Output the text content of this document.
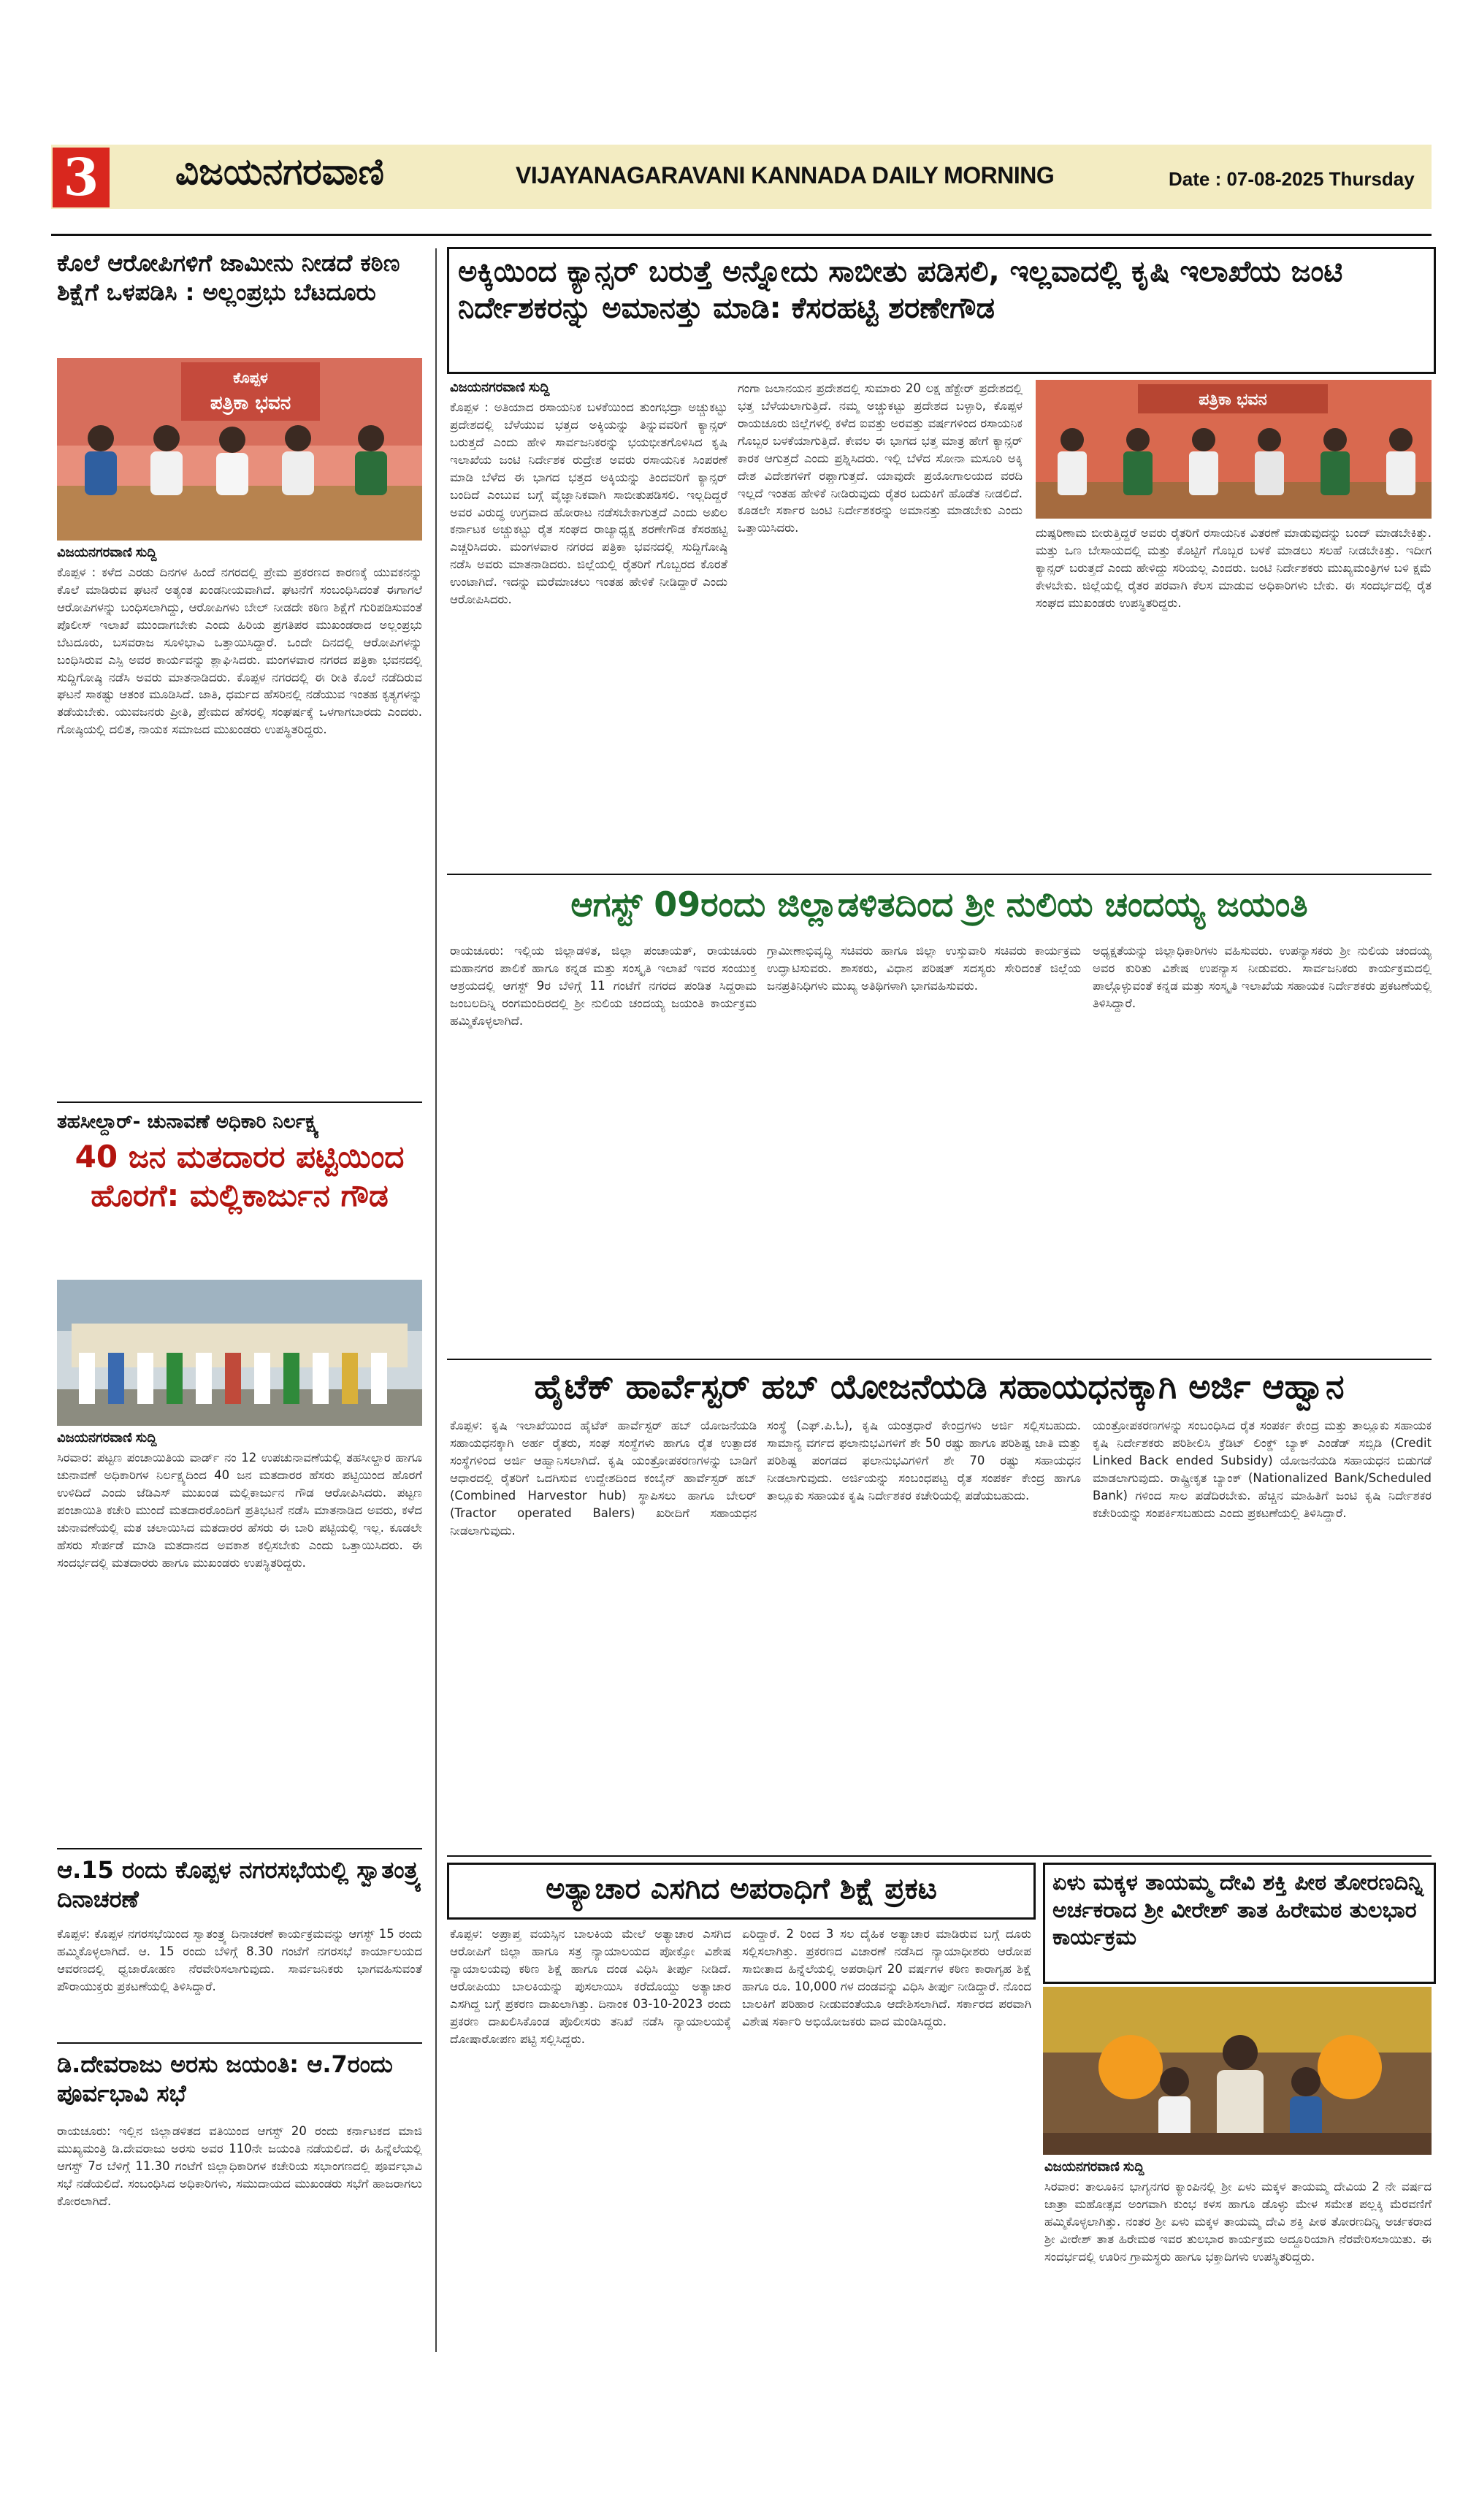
3 ವಿಜಯನಗರವಾಣಿ	VIJAYANAGARAVANI KANNADA DAILY MORNING	Date : 07-08-2025 Thursday
ಕೊಲೆ ಆರೋಪಿಗಳಿಗೆ ಜಾಮೀನು ನೀಡದೆ ಕಠಿಣ ಶಿಕ್ಷೆಗೆ ಒಳಪಡಿಸಿ : ಅಲ್ಲಂಪ್ರಭು ಬೆಟದೂರು
ಕೊಪ್ಪಳ
ಪತ್ರಿಕಾ ಭವನ
ವಿಜಯನಗರವಾಣಿ ಸುದ್ದಿ
ಕೊಪ್ಪಳ : ಕಳೆದ ಎರಡು ದಿನಗಳ ಹಿಂದೆ ನಗರದಲ್ಲಿ ಪ್ರೇಮ ಪ್ರಕರಣದ ಕಾರಣಕ್ಕೆ ಯುವಕನನ್ನು ಕೊಲೆ ಮಾಡಿರುವ ಘಟನೆ ಅತ್ಯಂತ ಖಂಡನೀಯವಾಗಿದೆ. ಘಟನೆಗೆ ಸಂಬಂಧಿಸಿದಂತೆ ಈಗಾಗಲೆ ಆರೋಪಿಗಳನ್ನು ಬಂಧಿಸಲಾಗಿದ್ದು, ಆರೋಪಿಗಳು ಬೇಲ್ ನೀಡದೇ ಕಠಿಣ ಶಿಕ್ಷೆಗೆ ಗುರಿಪಡಿಸುವಂತೆ ಪೊಲೀಸ್ ಇಲಾಖೆ ಮುಂದಾಗಬೇಕು ಎಂದು ಹಿರಿಯ ಪ್ರಗತಿಪರ ಮುಖಂಡರಾದ ಅಲ್ಲಂಪ್ರಭು ಬೆಟದೂರು, ಬಸವರಾಜ ಸೂಳಿಭಾವಿ ಒತ್ತಾಯಿಸಿದ್ದಾರೆ. ಒಂದೇ ದಿನದಲ್ಲಿ ಆರೋಪಿಗಳನ್ನು ಬಂಧಿಸಿರುವ ಎಸ್ಪಿ ಅವರ ಕಾರ್ಯವನ್ನು ಶ್ಲಾಘಿಸಿದರು. ಮಂಗಳವಾರ ನಗರದ ಪತ್ರಿಕಾ ಭವನದಲ್ಲಿ ಸುದ್ದಿಗೋಷ್ಠಿ ನಡೆಸಿ ಅವರು ಮಾತನಾಡಿದರು. ಕೊಪ್ಪಳ ನಗರದಲ್ಲಿ ಈ ರೀತಿ ಕೊಲೆ ನಡೆದಿರುವ ಘಟನೆ ಸಾಕಷ್ಟು ಆತಂಕ ಮೂಡಿಸಿದೆ. ಜಾತಿ, ಧರ್ಮದ ಹೆಸರಿನಲ್ಲಿ ನಡೆಯುವ ಇಂತಹ ಕೃತ್ಯಗಳನ್ನು ತಡೆಯಬೇಕು. ಯುವಜನರು ಪ್ರೀತಿ, ಪ್ರೇಮದ ಹೆಸರಲ್ಲಿ ಸಂಘರ್ಷಕ್ಕೆ ಒಳಗಾಗಬಾರದು ಎಂದರು. ಗೋಷ್ಠಿಯಲ್ಲಿ ದಲಿತ, ನಾಯಕ ಸಮಾಜದ ಮುಖಂಡರು ಉಪಸ್ಥಿತರಿದ್ದರು.
ತಹಸೀಲ್ದಾರ್- ಚುನಾವಣೆ ಅಧಿಕಾರಿ ನಿರ್ಲಕ್ಷ್ಯ
40 ಜನ ಮತದಾರರ ಪಟ್ಟಿಯಿಂದ ಹೊರಗೆ: ಮಲ್ಲಿಕಾರ್ಜುನ ಗೌಡ
ವಿಜಯನಗರವಾಣಿ ಸುದ್ದಿ
ಸಿರವಾರ: ಪಟ್ಟಣ ಪಂಚಾಯಿತಿಯ ವಾರ್ಡ್ ನಂ 12 ಉಪಚುನಾವಣೆಯಲ್ಲಿ ತಹಸೀಲ್ದಾರ ಹಾಗೂ ಚುನಾವಣೆ ಅಧಿಕಾರಿಗಳ ನಿರ್ಲಕ್ಷ್ಯದಿಂದ 40 ಜನ ಮತದಾರರ ಹೆಸರು ಪಟ್ಟಿಯಿಂದ ಹೊರಗೆ ಉಳಿದಿದೆ ಎಂದು ಜೆಡಿಎಸ್ ಮುಖಂಡ ಮಲ್ಲಿಕಾರ್ಜುನ ಗೌಡ ಆರೋಪಿಸಿದರು. ಪಟ್ಟಣ ಪಂಚಾಯಿತಿ ಕಚೇರಿ ಮುಂದೆ ಮತದಾರರೊಂದಿಗೆ ಪ್ರತಿಭಟನೆ ನಡೆಸಿ ಮಾತನಾಡಿದ ಅವರು, ಕಳೆದ ಚುನಾವಣೆಯಲ್ಲಿ ಮತ ಚಲಾಯಿಸಿದ ಮತದಾರರ ಹೆಸರು ಈ ಬಾರಿ ಪಟ್ಟಿಯಲ್ಲಿ ಇಲ್ಲ. ಕೂಡಲೇ ಹೆಸರು ಸೇರ್ಪಡೆ ಮಾಡಿ ಮತದಾನದ ಅವಕಾಶ ಕಲ್ಪಿಸಬೇಕು ಎಂದು ಒತ್ತಾಯಿಸಿದರು. ಈ ಸಂದರ್ಭದಲ್ಲಿ ಮತದಾರರು ಹಾಗೂ ಮುಖಂಡರು ಉಪಸ್ಥಿತರಿದ್ದರು.
ಆ.15 ರಂದು ಕೊಪ್ಪಳ ನಗರಸಭೆಯಲ್ಲಿ ಸ್ವಾತಂತ್ರ್ಯ ದಿನಾಚರಣೆ
ಕೊಪ್ಪಳ: ಕೊಪ್ಪಳ ನಗರಸಭೆಯಿಂದ ಸ್ವಾತಂತ್ರ್ಯ ದಿನಾಚರಣೆ ಕಾರ್ಯಕ್ರಮವನ್ನು ಆಗಸ್ಟ್ 15 ರಂದು ಹಮ್ಮಿಕೊಳ್ಳಲಾಗಿದೆ. ಆ. 15 ರಂದು ಬೆಳಿಗ್ಗೆ 8.30 ಗಂಟೆಗೆ ನಗರಸಭೆ ಕಾರ್ಯಾಲಯದ ಆವರಣದಲ್ಲಿ ಧ್ವಜಾರೋಹಣ ನೆರವೇರಿಸಲಾಗುವುದು. ಸಾರ್ವಜನಿಕರು ಭಾಗವಹಿಸುವಂತೆ ಪೌರಾಯುಕ್ತರು ಪ್ರಕಟಣೆಯಲ್ಲಿ ತಿಳಿಸಿದ್ದಾರೆ.
ಡಿ.ದೇವರಾಜು ಅರಸು ಜಯಂತಿ: ಆ.7ರಂದು ಪೂರ್ವಭಾವಿ ಸಭೆ
ರಾಯಚೂರು: ಇಲ್ಲಿನ ಜಿಲ್ಲಾಡಳಿತದ ವತಿಯಿಂದ ಆಗಸ್ಟ್ 20 ರಂದು ಕರ್ನಾಟಕದ ಮಾಜಿ ಮುಖ್ಯಮಂತ್ರಿ ಡಿ.ದೇವರಾಜು ಅರಸು ಅವರ 110ನೇ ಜಯಂತಿ ನಡೆಯಲಿದೆ. ಈ ಹಿನ್ನೆಲೆಯಲ್ಲಿ ಆಗಸ್ಟ್ 7ರ ಬೆಳಿಗ್ಗೆ 11.30 ಗಂಟೆಗೆ ಜಿಲ್ಲಾಧಿಕಾರಿಗಳ ಕಚೇರಿಯ ಸಭಾಂಗಣದಲ್ಲಿ ಪೂರ್ವಭಾವಿ ಸಭೆ ನಡೆಯಲಿದೆ. ಸಂಬಂಧಿಸಿದ ಅಧಿಕಾರಿಗಳು, ಸಮುದಾಯದ ಮುಖಂಡರು ಸಭೆಗೆ ಹಾಜರಾಗಲು ಕೋರಲಾಗಿದೆ.
ಅಕ್ಕಿಯಿಂದ ಕ್ಯಾನ್ಸರ್ ಬರುತ್ತೆ ಅನ್ನೋದು ಸಾಬೀತು ಪಡಿಸಲಿ, ಇಲ್ಲವಾದಲ್ಲಿ ಕೃಷಿ ಇಲಾಖೆಯ ಜಂಟಿ ನಿರ್ದೇಶಕರನ್ನು ಅಮಾನತ್ತು ಮಾಡಿ: ಕೆಸರಹಟ್ಟಿ ಶರಣೇಗೌಡ
ವಿಜಯನಗರವಾಣಿ ಸುದ್ದಿ
ಕೊಪ್ಪಳ : ಅತಿಯಾದ ರಸಾಯನಿಕ ಬಳಕೆಯಿಂದ ತುಂಗಭದ್ರಾ ಅಚ್ಚುಕಟ್ಟು ಪ್ರದೇಶದಲ್ಲಿ ಬೆಳೆಯುವ ಭತ್ತದ ಅಕ್ಕಿಯನ್ನು ತಿನ್ನುವವರಿಗೆ ಕ್ಯಾನ್ಸರ್ ಬರುತ್ತದೆ ಎಂದು ಹೇಳಿ ಸಾರ್ವಜನಿಕರನ್ನು ಭಯಭೀತಗೊಳಿಸಿದ ಕೃಷಿ ಇಲಾಖೆಯ ಜಂಟಿ ನಿರ್ದೇಶಕ ರುದ್ರೇಶ ಅವರು ರಸಾಯನಿಕ ಸಿಂಪರಣೆ ಮಾಡಿ ಬೆಳೆದ ಈ ಭಾಗದ ಭತ್ತದ ಅಕ್ಕಿಯನ್ನು ತಿಂದವರಿಗೆ ಕ್ಯಾನ್ಸರ್ ಬಂದಿದೆ ಎಂಬುವ ಬಗ್ಗೆ ವೈಜ್ಞಾನಿಕವಾಗಿ ಸಾಬೀತುಪಡಿಸಲಿ. ಇಲ್ಲದಿದ್ದರೆ ಅವರ ವಿರುದ್ಧ ಉಗ್ರವಾದ ಹೋರಾಟ ನಡೆಸಬೇಕಾಗುತ್ತದೆ ಎಂದು ಅಖಿಲ ಕರ್ನಾಟಕ ಅಚ್ಚುಕಟ್ಟು ರೈತ ಸಂಘದ ರಾಜ್ಯಾಧ್ಯಕ್ಷ ಶರಣೇಗೌಡ ಕೆಸರಹಟ್ಟಿ ಎಚ್ಚರಿಸಿದರು. ಮಂಗಳವಾರ ನಗರದ ಪತ್ರಿಕಾ ಭವನದಲ್ಲಿ ಸುದ್ದಿಗೋಷ್ಠಿ ನಡೆಸಿ ಅವರು ಮಾತನಾಡಿದರು. ಜಿಲ್ಲೆಯಲ್ಲಿ ರೈತರಿಗೆ ಗೊಬ್ಬರದ ಕೊರತೆ ಉಂಟಾಗಿದೆ. ಇದನ್ನು ಮರೆಮಾಚಲು ಇಂತಹ ಹೇಳಿಕೆ ನೀಡಿದ್ದಾರೆ ಎಂದು ಆರೋಪಿಸಿದರು.
ಗಂಗಾ ಜಲಾನಯನ ಪ್ರದೇಶದಲ್ಲಿ ಸುಮಾರು 20 ಲಕ್ಷ ಹೆಕ್ಟೇರ್ ಪ್ರದೇಶದಲ್ಲಿ ಭತ್ತ ಬೆಳೆಯಲಾಗುತ್ತಿದೆ. ನಮ್ಮ ಅಚ್ಚುಕಟ್ಟು ಪ್ರದೇಶದ ಬಳ್ಳಾರಿ, ಕೊಪ್ಪಳ ರಾಯಚೂರು ಜಿಲ್ಲೆಗಳಲ್ಲಿ ಕಳೆದ ಐವತ್ತು ಅರವತ್ತು ವರ್ಷಗಳಿಂದ ರಸಾಯನಿಕ ಗೊಬ್ಬರ ಬಳಕೆಯಾಗುತ್ತಿದೆ. ಕೇವಲ ಈ ಭಾಗದ ಭತ್ತ ಮಾತ್ರ ಹೇಗೆ ಕ್ಯಾನ್ಸರ್ ಕಾರಕ ಆಗುತ್ತದೆ ಎಂದು ಪ್ರಶ್ನಿಸಿದರು. ಇಲ್ಲಿ ಬೆಳೆದ ಸೋನಾ ಮಸೂರಿ ಅಕ್ಕಿ ದೇಶ ವಿದೇಶಗಳಿಗೆ ರಫ್ತಾಗುತ್ತದೆ. ಯಾವುದೇ ಪ್ರಯೋಗಾಲಯದ ವರದಿ ಇಲ್ಲದೆ ಇಂತಹ ಹೇಳಿಕೆ ನೀಡಿರುವುದು ರೈತರ ಬದುಕಿಗೆ ಹೊಡೆತ ನೀಡಲಿದೆ. ಕೂಡಲೇ ಸರ್ಕಾರ ಜಂಟಿ ನಿರ್ದೇಶಕರನ್ನು ಅಮಾನತ್ತು ಮಾಡಬೇಕು ಎಂದು ಒತ್ತಾಯಿಸಿದರು.
ಪತ್ರಿಕಾ ಭವನ
ದುಷ್ಪರಿಣಾಮ ಬೀರುತ್ತಿದ್ದರೆ ಅವರು ರೈತರಿಗೆ ರಸಾಯನಿಕ ವಿತರಣೆ ಮಾಡುವುದನ್ನು ಬಂದ್ ಮಾಡಬೇಕಿತ್ತು. ಮತ್ತು ಒಣ ಬೇಸಾಯದಲ್ಲಿ ಮತ್ತು ಕೊಟ್ಟಿಗೆ ಗೊಬ್ಬರ ಬಳಕೆ ಮಾಡಲು ಸಲಹೆ ನೀಡಬೇಕಿತ್ತು. ಇದೀಗ ಕ್ಯಾನ್ಸರ್ ಬರುತ್ತದೆ ಎಂದು ಹೇಳಿದ್ದು ಸರಿಯಲ್ಲ ಎಂದರು. ಜಂಟಿ ನಿರ್ದೇಶಕರು ಮುಖ್ಯಮಂತ್ರಿಗಳ ಬಳಿ ಕ್ಷಮೆ ಕೇಳಬೇಕು. ಜಿಲ್ಲೆಯಲ್ಲಿ ರೈತರ ಪರವಾಗಿ ಕೆಲಸ ಮಾಡುವ ಅಧಿಕಾರಿಗಳು ಬೇಕು. ಈ ಸಂದರ್ಭದಲ್ಲಿ ರೈತ ಸಂಘದ ಮುಖಂಡರು ಉಪಸ್ಥಿತರಿದ್ದರು.
ಆಗಸ್ಟ್ 09ರಂದು ಜಿಲ್ಲಾಡಳಿತದಿಂದ ಶ್ರೀ ನುಲಿಯ ಚಂದಯ್ಯ ಜಯಂತಿ
ರಾಯಚೂರು: ಇಲ್ಲಿಯ ಜಿಲ್ಲಾಡಳಿತ, ಜಿಲ್ಲಾ ಪಂಚಾಯತ್, ರಾಯಚೂರು ಮಹಾನಗರ ಪಾಲಿಕೆ ಹಾಗೂ ಕನ್ನಡ ಮತ್ತು ಸಂಸ್ಕೃತಿ ಇಲಾಖೆ ಇವರ ಸಂಯುಕ್ತ ಆಶ್ರಯದಲ್ಲಿ ಆಗಸ್ಟ್ 9ರ ಬೆಳಿಗ್ಗೆ 11 ಗಂಟೆಗೆ ನಗರದ ಪಂಡಿತ ಸಿದ್ದರಾಮ ಜಂಬಲದಿನ್ನಿ ರಂಗಮಂದಿರದಲ್ಲಿ ಶ್ರೀ ನುಲಿಯ ಚಂದಯ್ಯ ಜಯಂತಿ ಕಾರ್ಯಕ್ರಮ ಹಮ್ಮಿಕೊಳ್ಳಲಾಗಿದೆ.
ಗ್ರಾಮೀಣಾಭಿವೃದ್ಧಿ ಸಚಿವರು ಹಾಗೂ ಜಿಲ್ಲಾ ಉಸ್ತುವಾರಿ ಸಚಿವರು ಕಾರ್ಯಕ್ರಮ ಉದ್ಘಾಟಿಸುವರು. ಶಾಸಕರು, ವಿಧಾನ ಪರಿಷತ್ ಸದಸ್ಯರು ಸೇರಿದಂತೆ ಜಿಲ್ಲೆಯ ಜನಪ್ರತಿನಿಧಿಗಳು ಮುಖ್ಯ ಅತಿಥಿಗಳಾಗಿ ಭಾಗವಹಿಸುವರು.
ಅಧ್ಯಕ್ಷತೆಯನ್ನು ಜಿಲ್ಲಾಧಿಕಾರಿಗಳು ವಹಿಸುವರು. ಉಪನ್ಯಾಸಕರು ಶ್ರೀ ನುಲಿಯ ಚಂದಯ್ಯ ಅವರ ಕುರಿತು ವಿಶೇಷ ಉಪನ್ಯಾಸ ನೀಡುವರು. ಸಾರ್ವಜನಿಕರು ಕಾರ್ಯಕ್ರಮದಲ್ಲಿ ಪಾಲ್ಗೊಳ್ಳುವಂತೆ ಕನ್ನಡ ಮತ್ತು ಸಂಸ್ಕೃತಿ ಇಲಾಖೆಯ ಸಹಾಯಕ ನಿರ್ದೇಶಕರು ಪ್ರಕಟಣೆಯಲ್ಲಿ ತಿಳಿಸಿದ್ದಾರೆ.
ಹೈಟೆಕ್ ಹಾರ್ವೆಸ್ಟರ್ ಹಬ್ ಯೋಜನೆಯಡಿ ಸಹಾಯಧನಕ್ಕಾಗಿ ಅರ್ಜಿ ಆಹ್ವಾನ
ಕೊಪ್ಪಳ: ಕೃಷಿ ಇಲಾಖೆಯಿಂದ ಹೈಟೆಕ್ ಹಾರ್ವೆಸ್ಟರ್ ಹಬ್ ಯೋಜನೆಯಡಿ ಸಹಾಯಧನಕ್ಕಾಗಿ ಅರ್ಹ ರೈತರು, ಸಂಘ ಸಂಸ್ಥೆಗಳು ಹಾಗೂ ರೈತ ಉತ್ಪಾದಕ ಸಂಸ್ಥೆಗಳಿಂದ ಅರ್ಜಿ ಆಹ್ವಾನಿಸಲಾಗಿದೆ. ಕೃಷಿ ಯಂತ್ರೋಪಕರಣಗಳನ್ನು ಬಾಡಿಗೆ ಆಧಾರದಲ್ಲಿ ರೈತರಿಗೆ ಒದಗಿಸುವ ಉದ್ದೇಶದಿಂದ ಕಂಬೈನ್ ಹಾರ್ವೆಸ್ಟರ್ ಹಬ್ (Combined Harvestor hub) ಸ್ಥಾಪಿಸಲು ಹಾಗೂ ಬೇಲರ್ (Tractor operated Balers) ಖರೀದಿಗೆ ಸಹಾಯಧನ ನೀಡಲಾಗುವುದು.
ಸಂಸ್ಥೆ (ಎಫ್.ಪಿ.ಓ), ಕೃಷಿ ಯಂತ್ರಧಾರೆ ಕೇಂದ್ರಗಳು ಅರ್ಜಿ ಸಲ್ಲಿಸಬಹುದು. ಸಾಮಾನ್ಯ ವರ್ಗದ ಫಲಾನುಭವಿಗಳಿಗೆ ಶೇ 50 ರಷ್ಟು ಹಾಗೂ ಪರಿಶಿಷ್ಟ ಜಾತಿ ಮತ್ತು ಪರಿಶಿಷ್ಟ ಪಂಗಡದ ಫಲಾನುಭವಿಗಳಿಗೆ ಶೇ 70 ರಷ್ಟು ಸಹಾಯಧನ ನೀಡಲಾಗುವುದು. ಅರ್ಜಿಯನ್ನು ಸಂಬಂಧಪಟ್ಟ ರೈತ ಸಂಪರ್ಕ ಕೇಂದ್ರ ಹಾಗೂ ತಾಲ್ಲೂಕು ಸಹಾಯಕ ಕೃಷಿ ನಿರ್ದೇಶಕರ ಕಚೇರಿಯಲ್ಲಿ ಪಡೆಯಬಹುದು.
ಯಂತ್ರೋಪಕರಣಗಳನ್ನು ಸಂಬಂಧಿಸಿದ ರೈತ ಸಂಪರ್ಕ ಕೇಂದ್ರ ಮತ್ತು ತಾಲ್ಲೂಕು ಸಹಾಯಕ ಕೃಷಿ ನಿರ್ದೇಶಕರು ಪರಿಶೀಲಿಸಿ ಕ್ರೆಡಿಟ್ ಲಿಂಕ್ಡ್ ಬ್ಯಾಕ್ ಎಂಡೆಡ್ ಸಬ್ಸಿಡಿ (Credit Linked Back ended Subsidy) ಯೋಜನೆಯಡಿ ಸಹಾಯಧನ ಬಿಡುಗಡೆ ಮಾಡಲಾಗುವುದು. ರಾಷ್ಟ್ರೀಕೃತ ಬ್ಯಾಂಕ್ (Nationalized Bank/Scheduled Bank) ಗಳಿಂದ ಸಾಲ ಪಡೆದಿರಬೇಕು. ಹೆಚ್ಚಿನ ಮಾಹಿತಿಗೆ ಜಂಟಿ ಕೃಷಿ ನಿರ್ದೇಶಕರ ಕಚೇರಿಯನ್ನು ಸಂಪರ್ಕಿಸಬಹುದು ಎಂದು ಪ್ರಕಟಣೆಯಲ್ಲಿ ತಿಳಿಸಿದ್ದಾರೆ.
ಅತ್ಯಾಚಾರ ಎಸಗಿದ ಅಪರಾಧಿಗೆ ಶಿಕ್ಷೆ ಪ್ರಕಟ
ಕೊಪ್ಪಳ: ಅಪ್ರಾಪ್ತ ವಯಸ್ಸಿನ ಬಾಲಕಿಯ ಮೇಲೆ ಅತ್ಯಾಚಾರ ಎಸಗಿದ ಆರೋಪಿಗೆ ಜಿಲ್ಲಾ ಹಾಗೂ ಸತ್ರ ನ್ಯಾಯಾಲಯದ ಪೋಕ್ಸೋ ವಿಶೇಷ ನ್ಯಾಯಾಲಯವು ಕಠಿಣ ಶಿಕ್ಷೆ ಹಾಗೂ ದಂಡ ವಿಧಿಸಿ ತೀರ್ಪು ನೀಡಿದೆ. ಆರೋಪಿಯು ಬಾಲಕಿಯನ್ನು ಪುಸಲಾಯಿಸಿ ಕರೆದೊಯ್ದು ಅತ್ಯಾಚಾರ ಎಸಗಿದ್ದ ಬಗ್ಗೆ ಪ್ರಕರಣ ದಾಖಲಾಗಿತ್ತು. ದಿನಾಂಕ 03-10-2023 ರಂದು ಪ್ರಕರಣ ದಾಖಲಿಸಿಕೊಂಡ ಪೊಲೀಸರು ತನಿಖೆ ನಡೆಸಿ ನ್ಯಾಯಾಲಯಕ್ಕೆ ದೋಷಾರೋಪಣ ಪಟ್ಟಿ ಸಲ್ಲಿಸಿದ್ದರು.
ಏರಿದ್ದಾರೆ. 2 ರಿಂದ 3 ಸಲ ದೈಹಿಕ ಅತ್ಯಾಚಾರ ಮಾಡಿರುವ ಬಗ್ಗೆ ದೂರು ಸಲ್ಲಿಸಲಾಗಿತ್ತು. ಪ್ರಕರಣದ ವಿಚಾರಣೆ ನಡೆಸಿದ ನ್ಯಾಯಾಧೀಶರು ಆರೋಪ ಸಾಬೀತಾದ ಹಿನ್ನೆಲೆಯಲ್ಲಿ ಅಪರಾಧಿಗೆ 20 ವರ್ಷಗಳ ಕಠಿಣ ಕಾರಾಗೃಹ ಶಿಕ್ಷೆ ಹಾಗೂ ರೂ. 10,000 ಗಳ ದಂಡವನ್ನು ವಿಧಿಸಿ ತೀರ್ಪು ನೀಡಿದ್ದಾರೆ. ನೊಂದ ಬಾಲಕಿಗೆ ಪರಿಹಾರ ನೀಡುವಂತೆಯೂ ಆದೇಶಿಸಲಾಗಿದೆ. ಸರ್ಕಾರದ ಪರವಾಗಿ ವಿಶೇಷ ಸರ್ಕಾರಿ ಅಭಿಯೋಜಕರು ವಾದ ಮಂಡಿಸಿದ್ದರು.
ಏಳು ಮಕ್ಕಳ ತಾಯಮ್ಮ ದೇವಿ ಶಕ್ತಿ ಪೀಠ ತೋರಣದಿನ್ನಿ ಅರ್ಚಕರಾದ ಶ್ರೀ ವೀರೇಶ್ ತಾತ ಹಿರೇಮಠ ತುಲಭಾರ ಕಾರ್ಯಕ್ರಮ
ವಿಜಯನಗರವಾಣಿ ಸುದ್ದಿ
ಸಿರವಾರ: ತಾಲೂಕಿನ ಭಾಗ್ಯನಗರ ಕ್ಯಾಂಪಿನಲ್ಲಿ ಶ್ರೀ ಏಳು ಮಕ್ಕಳ ತಾಯಮ್ಮ ದೇವಿಯ 2 ನೇ ವರ್ಷದ ಜಾತ್ರಾ ಮಹೋತ್ಸವ ಅಂಗವಾಗಿ ಕುಂಭ ಕಳಸ ಹಾಗೂ ಡೊಳ್ಳು ಮೇಳ ಸಮೇತ ಪಲ್ಲಕ್ಕಿ ಮೆರವಣಿಗೆ ಹಮ್ಮಿಕೊಳ್ಳಲಾಗಿತ್ತು. ನಂತರ ಶ್ರೀ ಏಳು ಮಕ್ಕಳ ತಾಯಮ್ಮ ದೇವಿ ಶಕ್ತಿ ಪೀಠ ತೋರಣದಿನ್ನಿ ಅರ್ಚಕರಾದ ಶ್ರೀ ವೀರೇಶ್ ತಾತ ಹಿರೇಮಠ ಇವರ ತುಲಭಾರ ಕಾರ್ಯಕ್ರಮ ಅದ್ದೂರಿಯಾಗಿ ನೆರವೇರಿಸಲಾಯಿತು. ಈ ಸಂದರ್ಭದಲ್ಲಿ ಊರಿನ ಗ್ರಾಮಸ್ಥರು ಹಾಗೂ ಭಕ್ತಾದಿಗಳು ಉಪಸ್ಥಿತರಿದ್ದರು.
